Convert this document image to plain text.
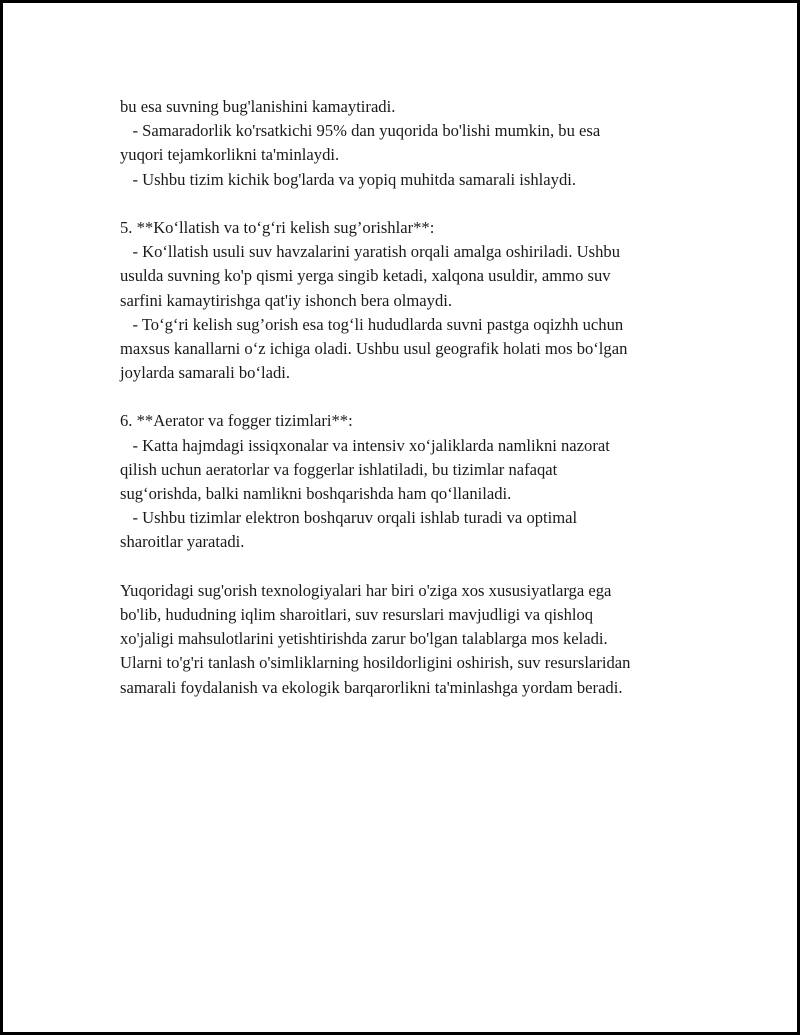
bu esa suvning bug'lanishini kamaytiradi.
- Samaradorlik ko'rsatkichi 95% dan yuqorida bo'lishi mumkin, bu esa
yuqori tejamkorlikni ta'minlaydi.
- Ushbu tizim kichik bog'larda va yopiq muhitda samarali ishlaydi.
5. **Ko‘llatish va to‘g‘ri kelish sug’orishlar**:
- Ko‘llatish usuli suv havzalarini yaratish orqali amalga oshiriladi. Ushbu
usulda suvning ko'p qismi yerga singib ketadi, xalqona usuldir, ammo suv
sarfini kamaytirishga qat'iy ishonch bera olmaydi.
- To‘g‘ri kelish sug’orish esa tog‘li hududlarda suvni pastga oqizhh uchun
maxsus kanallarni o‘z ichiga oladi. Ushbu usul geografik holati mos bo‘lgan
joylarda samarali bo‘ladi.
6. **Aerator va fogger tizimlari**:
- Katta hajmdagi issiqxonalar va intensiv xo‘jaliklarda namlikni nazorat
qilish uchun aeratorlar va foggerlar ishlatiladi, bu tizimlar nafaqat
sug‘orishda, balki namlikni boshqarishda ham qo‘llaniladi.
- Ushbu tizimlar elektron boshqaruv orqali ishlab turadi va optimal
sharoitlar yaratadi.
Yuqoridagi sug'orish texnologiyalari har biri o'ziga xos xususiyatlarga ega
bo'lib, hududning iqlim sharoitlari, suv resurslari mavjudligi va qishloq
xo'jaligi mahsulotlarini yetishtirishda zarur bo'lgan talablarga mos keladi.
Ularni to'g'ri tanlash o'simliklarning hosildorligini oshirish, suv resurslaridan
samarali foydalanish va ekologik barqarorlikni ta'minlashga yordam beradi.
